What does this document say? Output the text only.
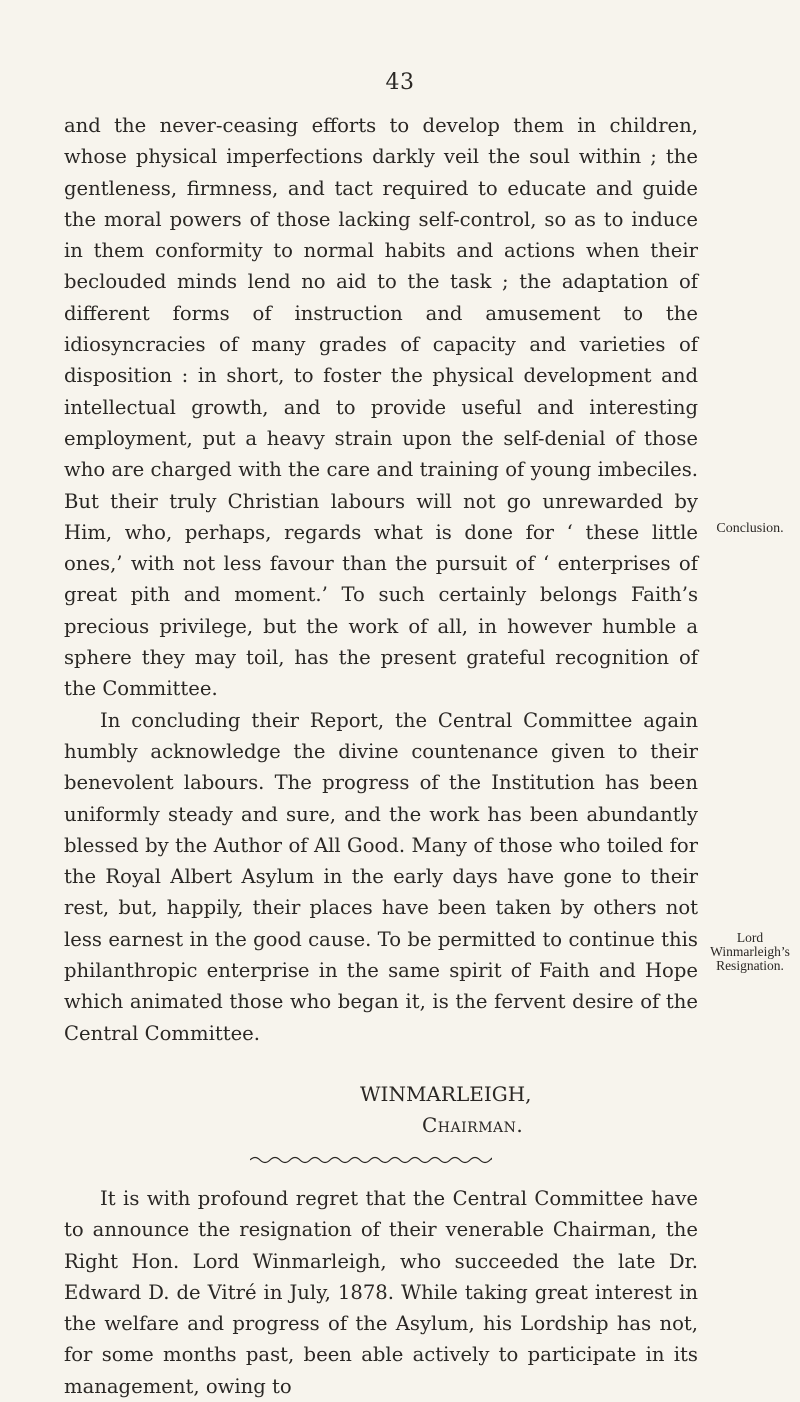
43

and the never-ceasing efforts to develop them in children, whose physical imperfections darkly veil the soul within ; the gentleness, firmness, and tact required to educate and guide the moral powers of those lacking self-control, so as to induce in them conformity to normal habits and actions when their beclouded minds lend no aid to the task ; the adaptation of different forms of instruction and amusement to the idiosyncracies of many grades of capacity and varieties of disposition : in short, to foster the physical development and intellectual growth, and to provide useful and interesting employment, put a heavy strain upon the self-denial of those who are charged with the care and training of young imbeciles. But their truly Christian labours will not go unrewarded by Him, who, perhaps, regards what is done for ‘ these little ones,’ with not less favour than the pursuit of ‘ enterprises of great pith and moment.’ To such certainly belongs Faith’s precious privilege, but the work of all, in however humble a sphere they may toil, has the present grateful recognition of the Committee.

In concluding their Report, the Central Committee again humbly acknowledge the divine countenance given to their benevolent labours. The progress of the Institution has been uniformly steady and sure, and the work has been abundantly blessed by the Author of All Good. Many of those who toiled for the Royal Albert Asylum in the early days have gone to their rest, but, happily, their places have been taken by others not less earnest in the good cause. To be permitted to continue this philanthropic enterprise in the same spirit of Faith and Hope which animated those who began it, is the fervent desire of the Central Committee.

WINMARLEIGH,
Chairman.

It is with profound regret that the Central Committee have to announce the resignation of their venerable Chairman, the Right Hon. Lord Winmarleigh, who succeeded the late Dr. Edward D. de Vitré in July, 1878. While taking great interest in the welfare and progress of the Asylum, his Lordship has not, for some months past, been able actively to participate in its management, owing to

Conclusion.
Lord
Winmarleigh’s
Resignation.
